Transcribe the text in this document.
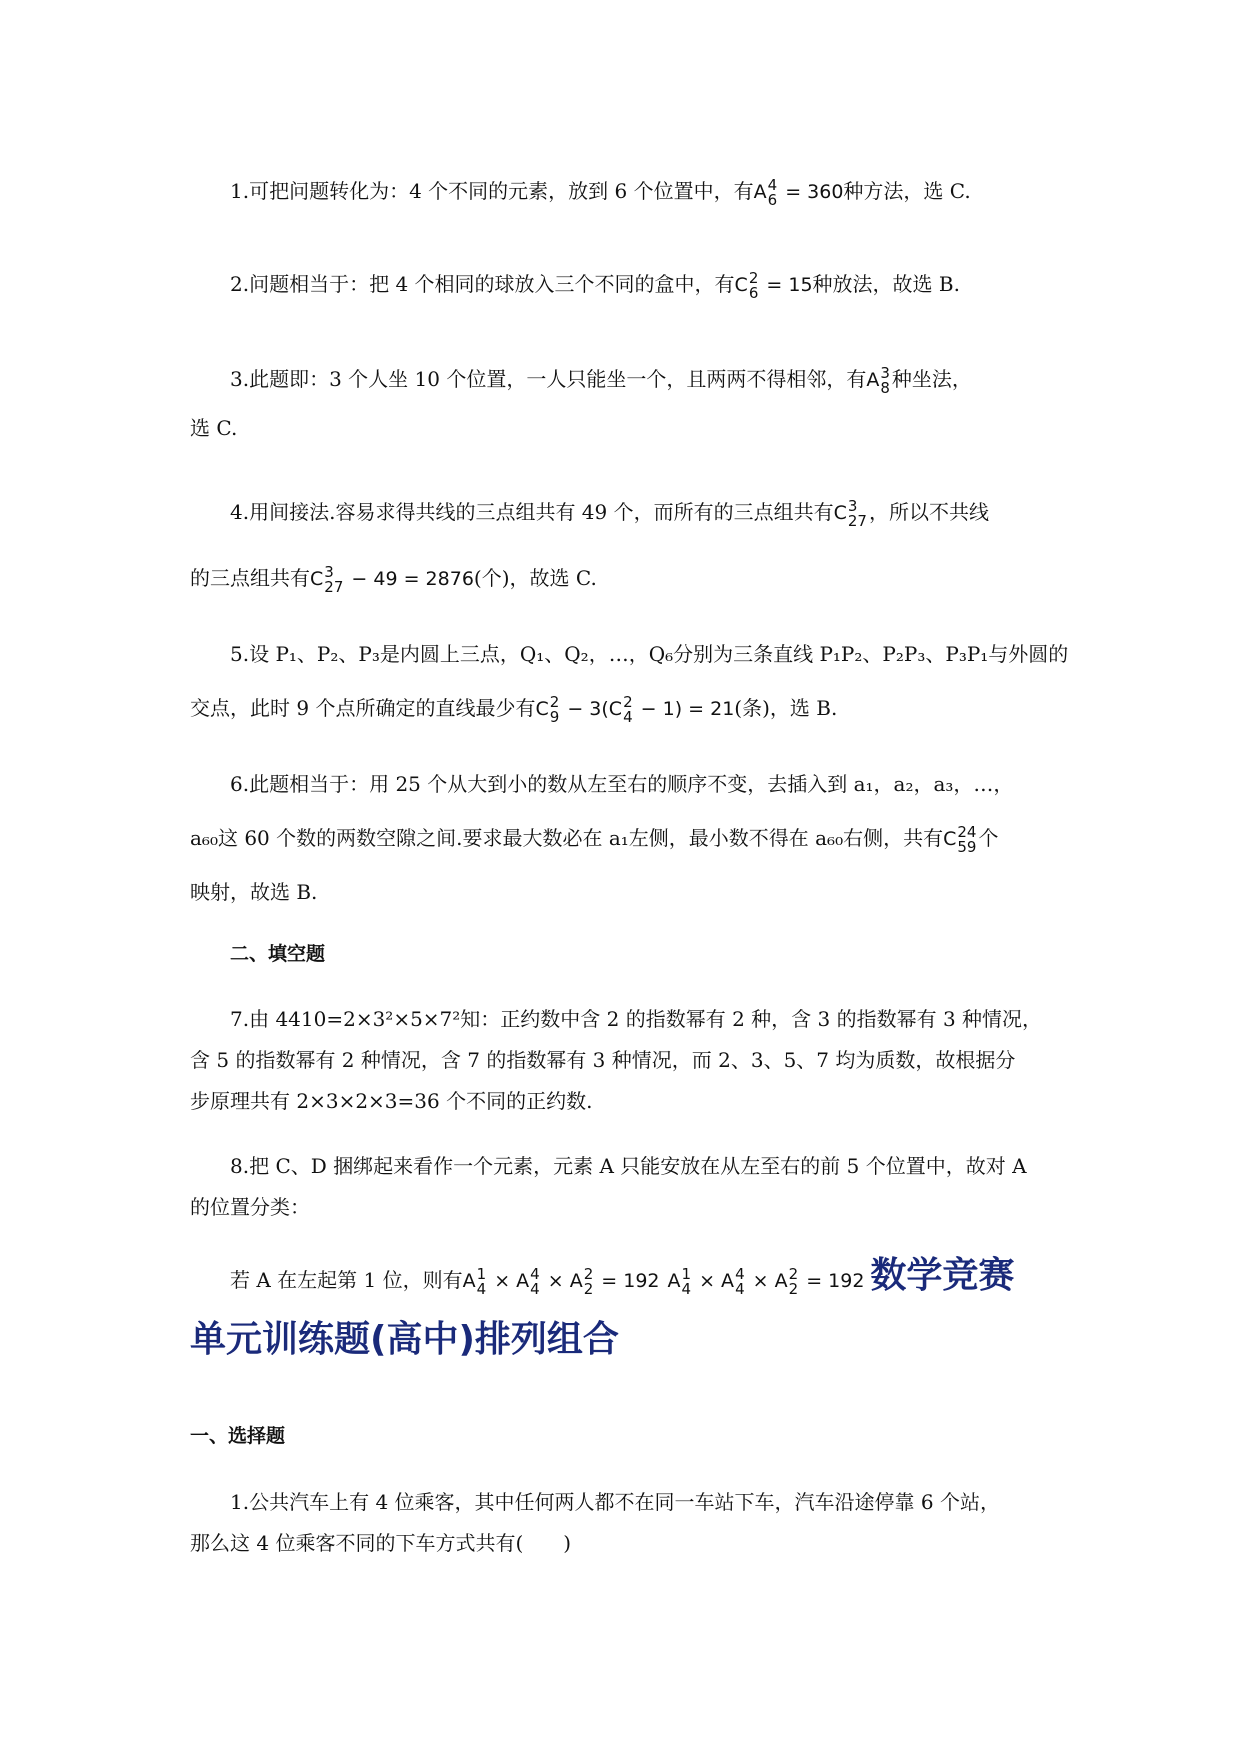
1.可把问题转化为：4 个不同的元素，放到 6 个位置中，有A 4
6 = 360种方法，选 C.
2.问题相当于：把 4 个相同的球放入三个不同的盒中，有C 2
6 = 15种放法，故选 B.
3.此题即：3 个人坐 10 个位置，一人只能坐一个，且两两不得相邻，有A 3
8 种坐法，
选 C.
4.用间接法.容易求得共线的三点组共有 49 个，而所有的三点组共有C 3
27 ，所以不共线
的三点组共有C 3
27 − 49 = 2876(个)，故选 C.
5.设 P₁、P₂、P₃是内圆上三点，Q₁、Q₂，…，Q₆分别为三条直线 P₁P₂、P₂P₃、P₃P₁与外圆的
交点，此时 9 个点所确定的直线最少有C 2
9 − 3(C 2
4 − 1) = 21(条)，选 B.
6.此题相当于：用 25 个从大到小的数从左至右的顺序不变，去插入到 a₁，a₂，a₃，…，
a₆₀这 60 个数的两数空隙之间.要求最大数必在 a₁左侧，最小数不得在 a₆₀右侧，共有C 24
59 个
映射，故选 B.
二、填空题
7.由 4410=2×3²×5×7²知：正约数中含 2 的指数幂有 2 种，含 3 的指数幂有 3 种情况，
含 5 的指数幂有 2 种情况，含 7 的指数幂有 3 种情况，而 2、3、5、7 均为质数，故根据分
步原理共有 2×3×2×3=36 个不同的正约数.
8.把 C、D 捆绑起来看作一个元素，元素 A 只能安放在从左至右的前 5 个位置中，故对 A
的位置分类：
若 A 在左起第 1 位，则有A 1
4 × A 4
4 × A 2
2 = 192 A 1
4 × A 4
4 × A 2
2 = 192 数学竞赛
单元训练题(高中)排列组合
一、选择题
1.公共汽车上有 4 位乘客，其中任何两人都不在同一车站下车，汽车沿途停靠 6 个站，
那么这 4 位乘客不同的下车方式共有(　　)
